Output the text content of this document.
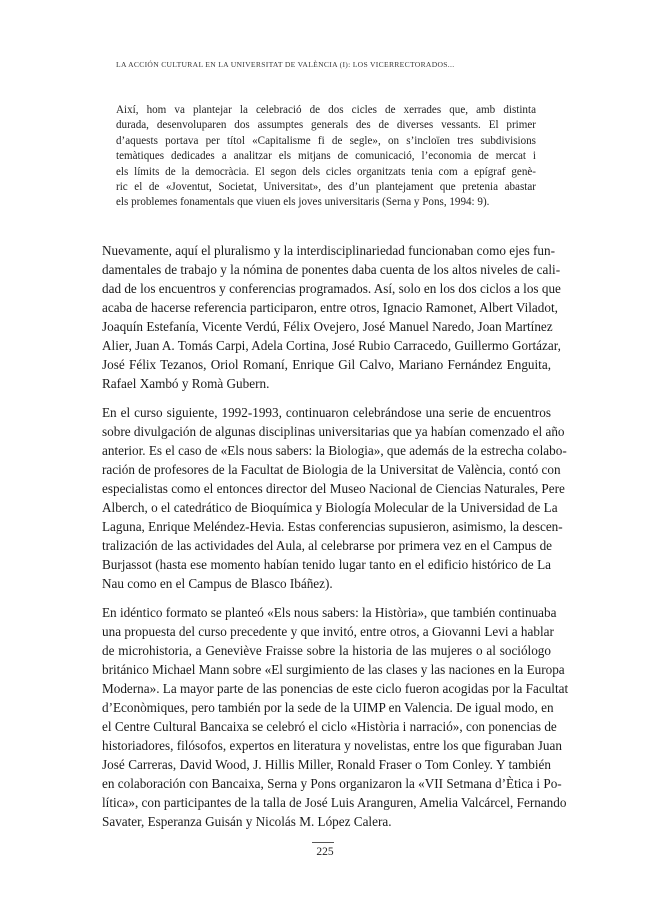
LA ACCIÓN CULTURAL EN LA UNIVERSITAT DE VALÈNCIA (I): LOS VICERRECTORADOS...
Així, hom va plantejar la celebració de dos cicles de xerrades que, amb distinta
durada, desenvoluparen dos assumptes generals des de diverses vessants. El primer
d’aquests portava per títol «Capitalisme fi de segle», on s’incloïen tres subdivisions
temàtiques dedicades a analitzar els mitjans de comunicació, l’economia de mercat i
els límits de la democràcia. El segon dels cicles organitzats tenia com a epígraf genè-
ric el de «Joventut, Societat, Universitat», des d’un plantejament que pretenia abastar
els problemes fonamentals que viuen els joves universitaris (Serna y Pons, 1994: 9).
Nuevamente, aquí el pluralismo y la interdisciplinariedad funcionaban como ejes fun-
damentales de trabajo y la nómina de ponentes daba cuenta de los altos niveles de cali-
dad de los encuentros y conferencias programados. Así, solo en los dos ciclos a los que
acaba de hacerse referencia participaron, entre otros, Ignacio Ramonet, Albert Viladot,
Joaquín Estefanía, Vicente Verdú, Félix Ovejero, José Manuel Naredo, Joan Martínez
Alier, Juan A. Tomás Carpi, Adela Cortina, José Rubio Carracedo, Guillermo Gortázar,
José Félix Tezanos, Oriol Romaní, Enrique Gil Calvo, Mariano Fernández Enguita,
Rafael Xambó y Romà Gubern.
En el curso siguiente, 1992-1993, continuaron celebrándose una serie de encuentros
sobre divulgación de algunas disciplinas universitarias que ya habían comenzado el año
anterior. Es el caso de «Els nous sabers: la Biologia», que además de la estrecha colabo-
ración de profesores de la Facultat de Biologia de la Universitat de València, contó con
especialistas como el entonces director del Museo Nacional de Ciencias Naturales, Pere
Alberch, o el catedrático de Bioquímica y Biología Molecular de la Universidad de La
Laguna, Enrique Meléndez-Hevia. Estas conferencias supusieron, asimismo, la descen-
tralización de las actividades del Aula, al celebrarse por primera vez en el Campus de
Burjassot (hasta ese momento habían tenido lugar tanto en el edificio histórico de La
Nau como en el Campus de Blasco Ibáñez).
En idéntico formato se planteó «Els nous sabers: la Història», que también continuaba
una propuesta del curso precedente y que invitó, entre otros, a Giovanni Levi a hablar
de microhistoria, a Geneviève Fraisse sobre la historia de las mujeres o al sociólogo
británico Michael Mann sobre «El surgimiento de las clases y las naciones en la Europa
Moderna». La mayor parte de las ponencias de este ciclo fueron acogidas por la Facultat
d’Econòmiques, pero también por la sede de la UIMP en Valencia. De igual modo, en
el Centre Cultural Bancaixa se celebró el ciclo «Història i narració», con ponencias de
historiadores, filósofos, expertos en literatura y novelistas, entre los que figuraban Juan
José Carreras, David Wood, J. Hillis Miller, Ronald Fraser o Tom Conley. Y también
en colaboración con Bancaixa, Serna y Pons organizaron la «VII Setmana d’Ètica i Po-
lítica», con participantes de la talla de José Luis Aranguren, Amelia Valcárcel, Fernando
Savater, Esperanza Guisán y Nicolás M. López Calera.
225
